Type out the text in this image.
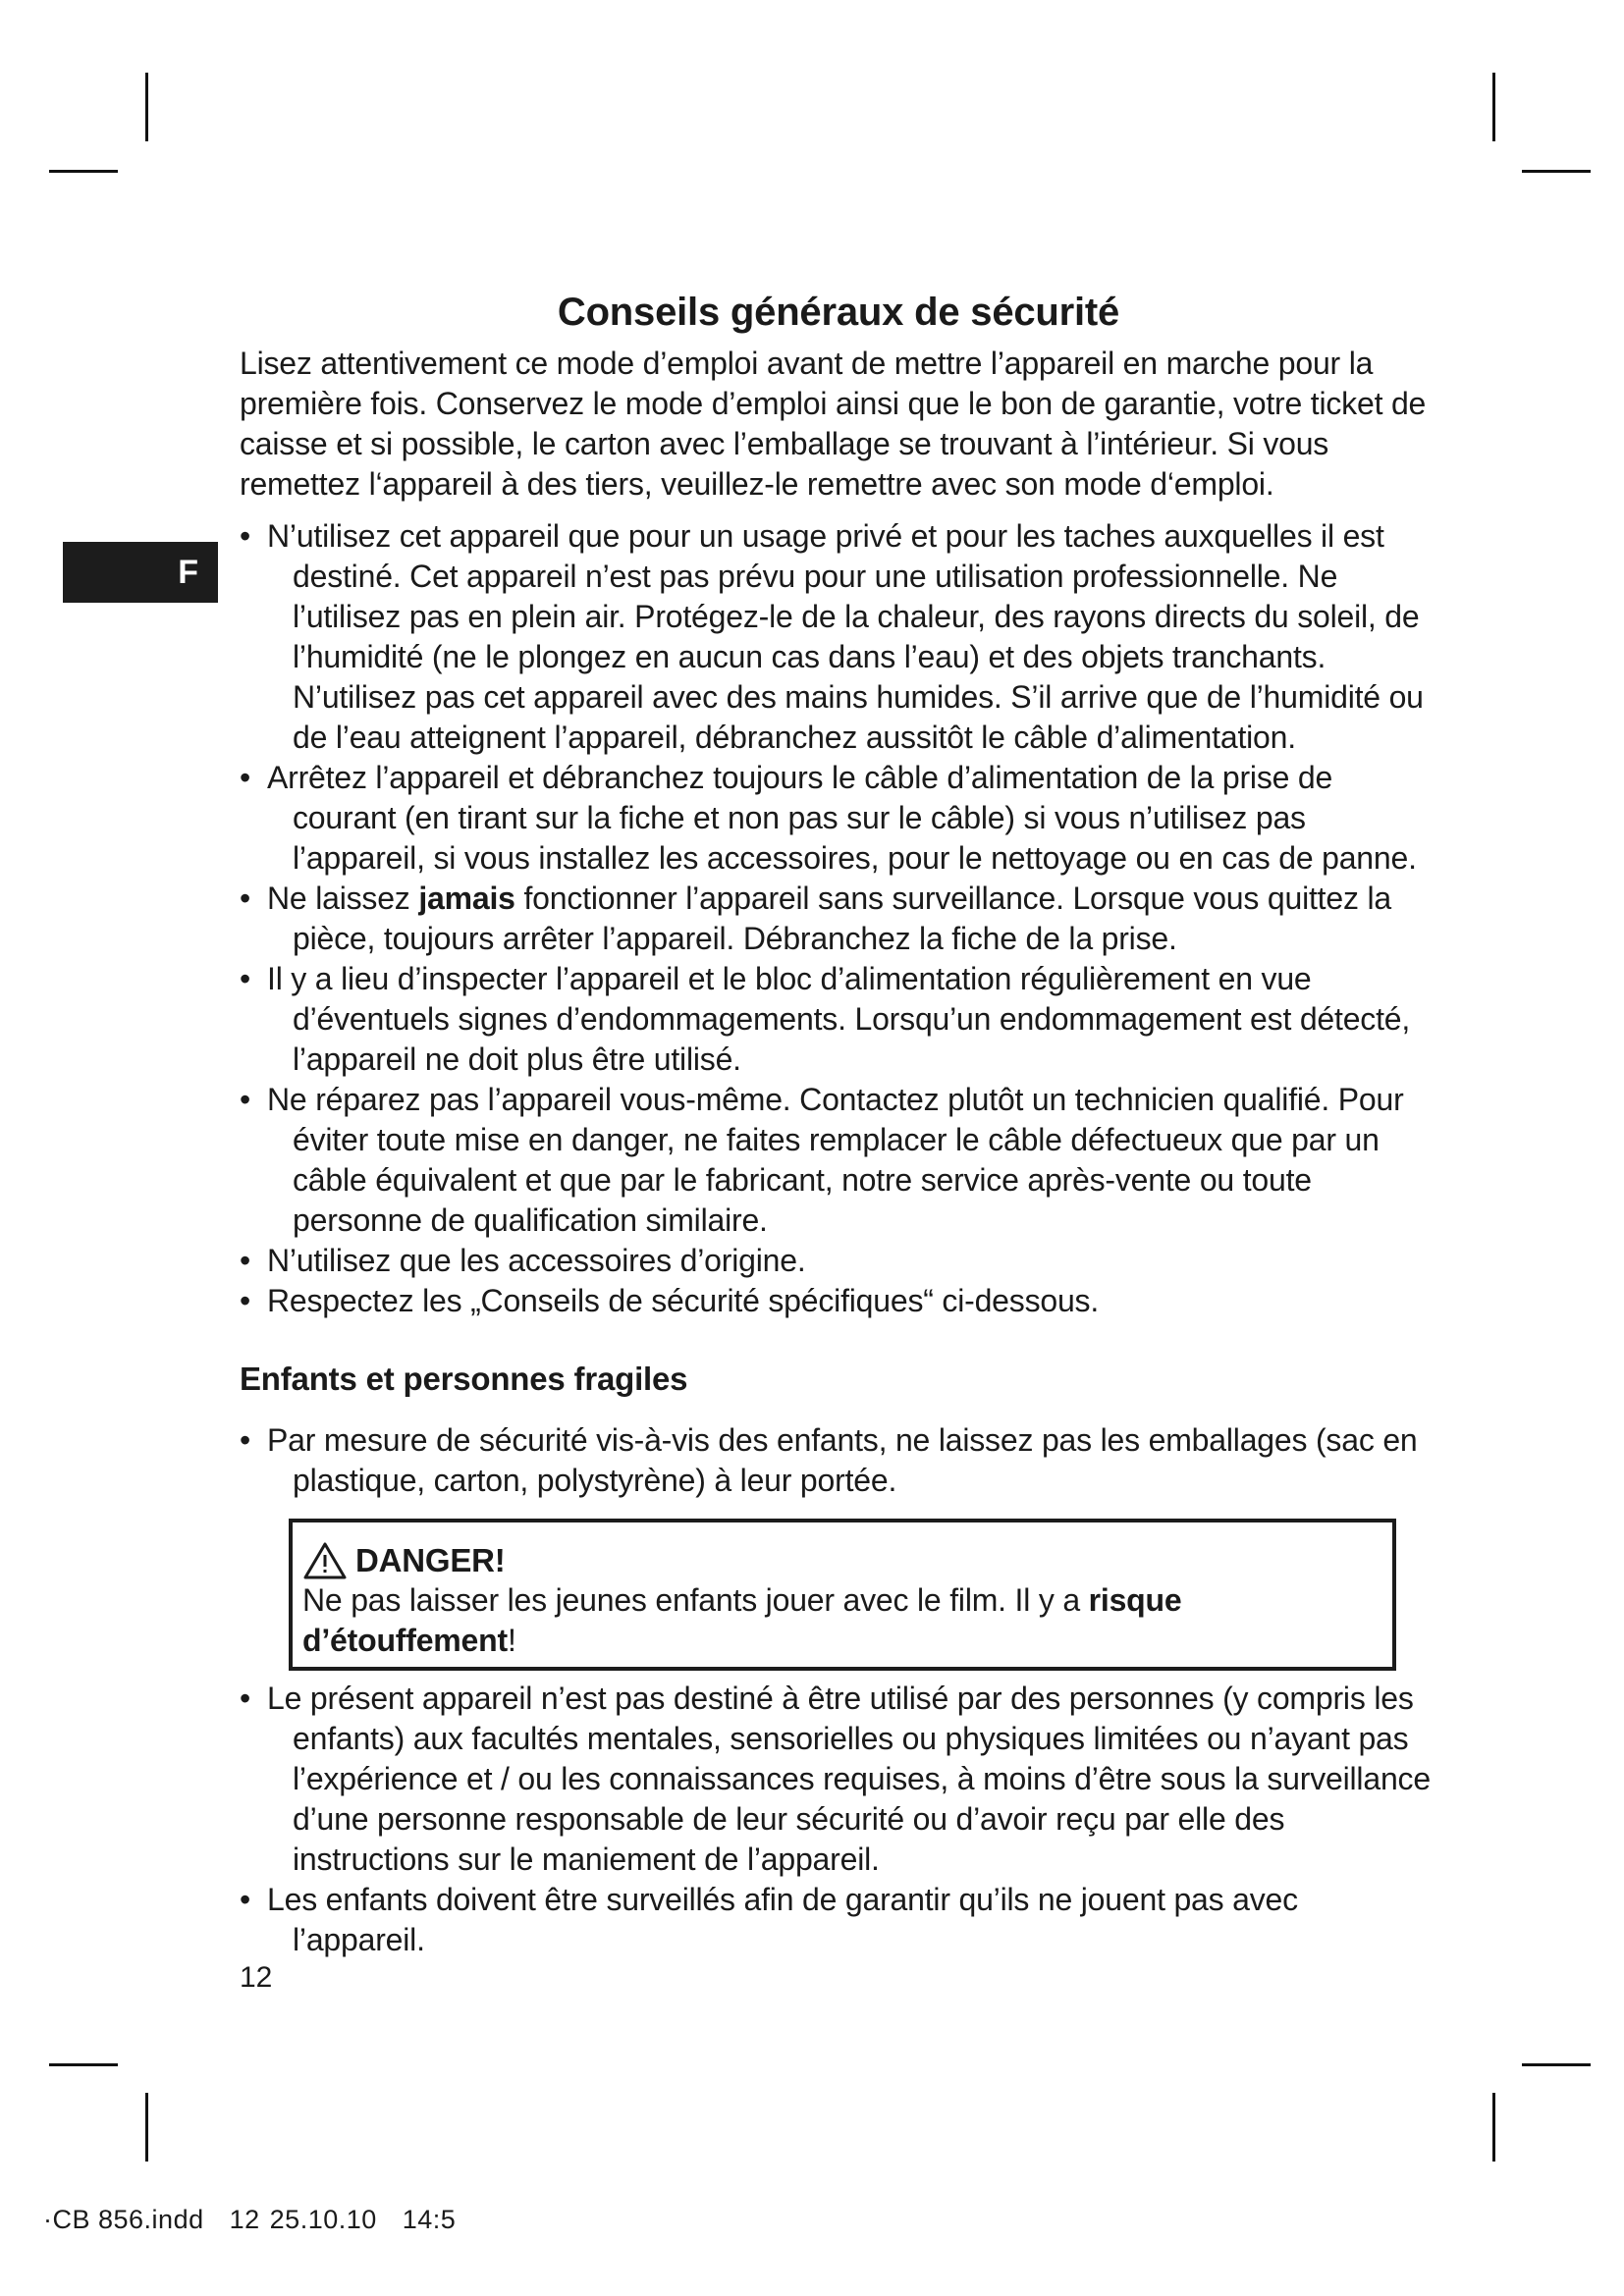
F
Conseils généraux de sécurité

Lisez attentivement ce mode d’emploi avant de mettre l’appareil en marche pour la première fois. Conservez le mode d’emploi ainsi que le bon de garantie, votre ticket de caisse et si possible, le carton avec l’emballage se trouvant à l’intérieur. Si vous remettez l‘appareil à des tiers, veuillez-le remettre avec son mode d‘emploi.

• N’utilisez cet appareil que pour un usage privé et pour les taches auxquelles il est destiné. Cet appareil n’est pas prévu pour une utilisation professionnelle. Ne l’utilisez pas en plein air. Protégez-le de la chaleur, des rayons directs du soleil, de l’humidité (ne le plongez en aucun cas dans l’eau) et des objets tranchants. N’utilisez pas cet appareil avec des mains humides. S’il arrive que de l’humidité ou de l’eau atteignent l’appareil, débranchez aussitôt le câble d’alimentation.
• Arrêtez l’appareil et débranchez toujours le câble d’alimentation de la prise de courant (en tirant sur la fiche et non pas sur le câble) si vous n’utilisez pas l’appareil, si vous installez les accessoires, pour le nettoyage ou en cas de panne.
• Ne laissez jamais fonctionner l’appareil sans surveillance. Lorsque vous quittez la pièce, toujours arrêter l’appareil. Débranchez la fiche de la prise.
• Il y a lieu d’inspecter l’appareil et le bloc d’alimentation régulièrement en vue d’éventuels signes d’endommagements. Lorsqu’un endommagement est détecté, l’appareil ne doit plus être utilisé.
• Ne réparez pas l’appareil vous-même. Contactez plutôt un technicien qualifié. Pour éviter toute mise en danger, ne faites remplacer le câble défectueux que par un câble équivalent et que par le fabricant, notre service après-vente ou toute personne de qualification similaire.
• N’utilisez que les accessoires d’origine.
• Respectez les „Conseils de sécurité spécifiques“ ci-dessous.
Enfants et personnes fragiles
• Par mesure de sécurité vis-à-vis des enfants, ne laissez pas les emballages (sac en plastique, carton, polystyrène) à leur portée.
DANGER!
Ne pas laisser les jeunes enfants jouer avec le film. Il y a risque d’étouffement!
• Le présent appareil n’est pas destiné à être utilisé par des personnes (y compris les enfants) aux facultés mentales, sensorielles ou physiques limitées ou n’ayant pas l’expérience et / ou les connaissances requises, à moins d’être sous la surveillance d’une personne responsable de leur sécurité ou d’avoir reçu par elle des instructions sur le maniement de l’appareil.
• Les enfants doivent être surveillés afin de garantir qu’ils ne jouent pas avec l’appareil.
12
·CB 856.indd 12 25.10.10 14:5
